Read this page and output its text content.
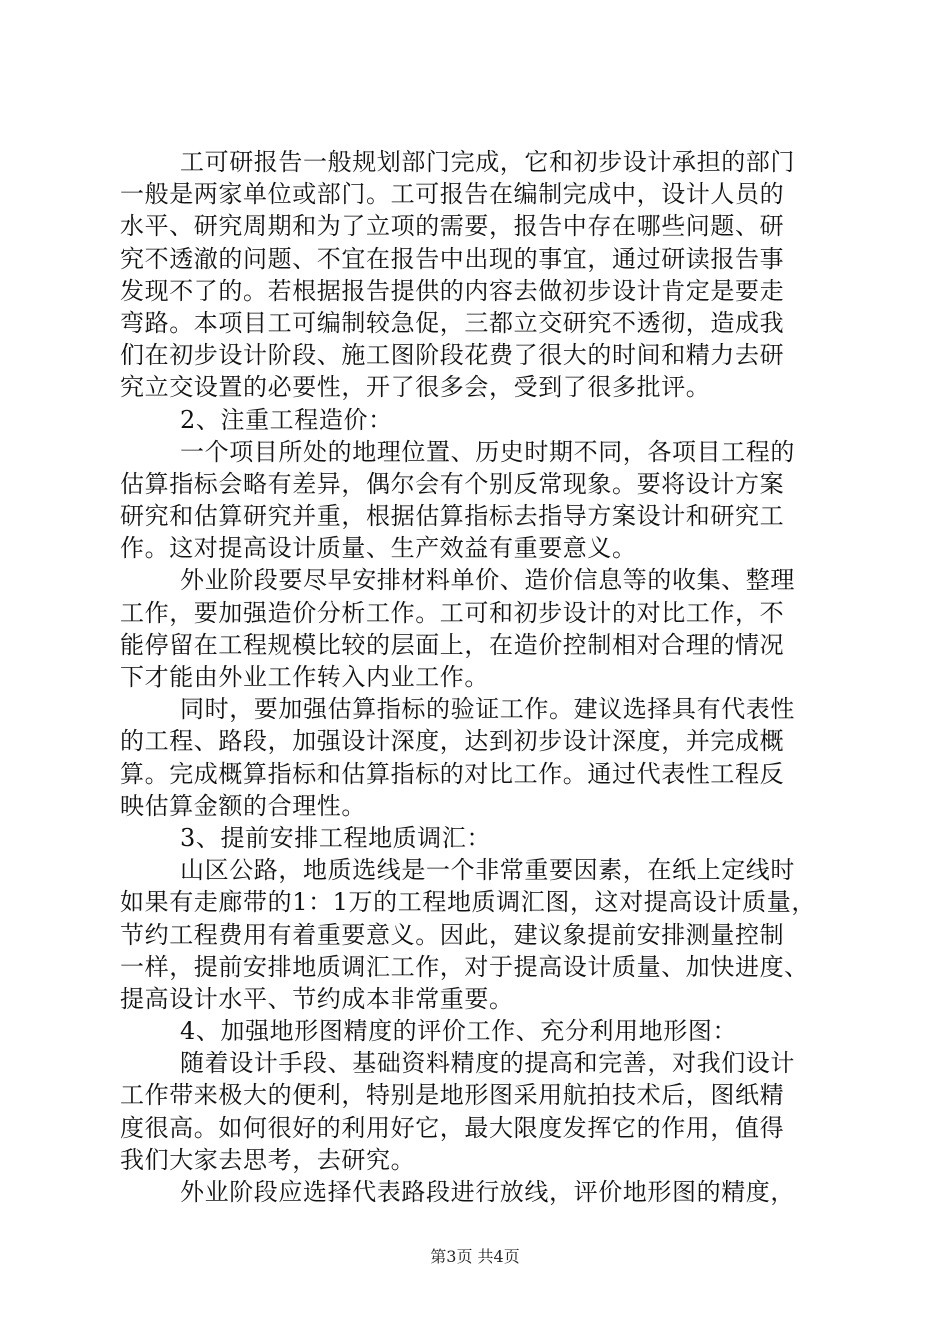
工可研报告一般规划部门完成，它和初步设计承担的部门
一般是两家单位或部门。工可报告在编制完成中，设计人员的
水平、研究周期和为了立项的需要，报告中存在哪些问题、研
究不透澈的问题、不宜在报告中出现的事宜，通过研读报告事
发现不了的。若根据报告提供的内容去做初步设计肯定是要走
弯路。本项目工可编制较急促，三都立交研究不透彻，造成我
们在初步设计阶段、施工图阶段花费了很大的时间和精力去研
究立交设置的必要性，开了很多会，受到了很多批评。
2、注重工程造价：
一个项目所处的地理位置、历史时期不同，各项目工程的
估算指标会略有差异，偶尔会有个别反常现象。要将设计方案
研究和估算研究并重，根据估算指标去指导方案设计和研究工
作。这对提高设计质量、生产效益有重要意义。
外业阶段要尽早安排材料单价、造价信息等的收集、整理
工作，要加强造价分析工作。工可和初步设计的对比工作，不
能停留在工程规模比较的层面上，在造价控制相对合理的情况
下才能由外业工作转入内业工作。
同时，要加强估算指标的验证工作。建议选择具有代表性
的工程、路段，加强设计深度，达到初步设计深度，并完成概
算。完成概算指标和估算指标的对比工作。通过代表性工程反
映估算金额的合理性。
3、提前安排工程地质调汇：
山区公路，地质选线是一个非常重要因素，在纸上定线时
如果有走廊带的1：1万的工程地质调汇图，这对提高设计质量，
节约工程费用有着重要意义。因此，建议象提前安排测量控制
一样，提前安排地质调汇工作，对于提高设计质量、加快进度、
提高设计水平、节约成本非常重要。
4、加强地形图精度的评价工作、充分利用地形图：
随着设计手段、基础资料精度的提高和完善，对我们设计
工作带来极大的便利，特别是地形图采用航拍技术后，图纸精
度很高。如何很好的利用好它，最大限度发挥它的作用，值得
我们大家去思考，去研究。
外业阶段应选择代表路段进行放线，评价地形图的精度，
第3页 共4页
